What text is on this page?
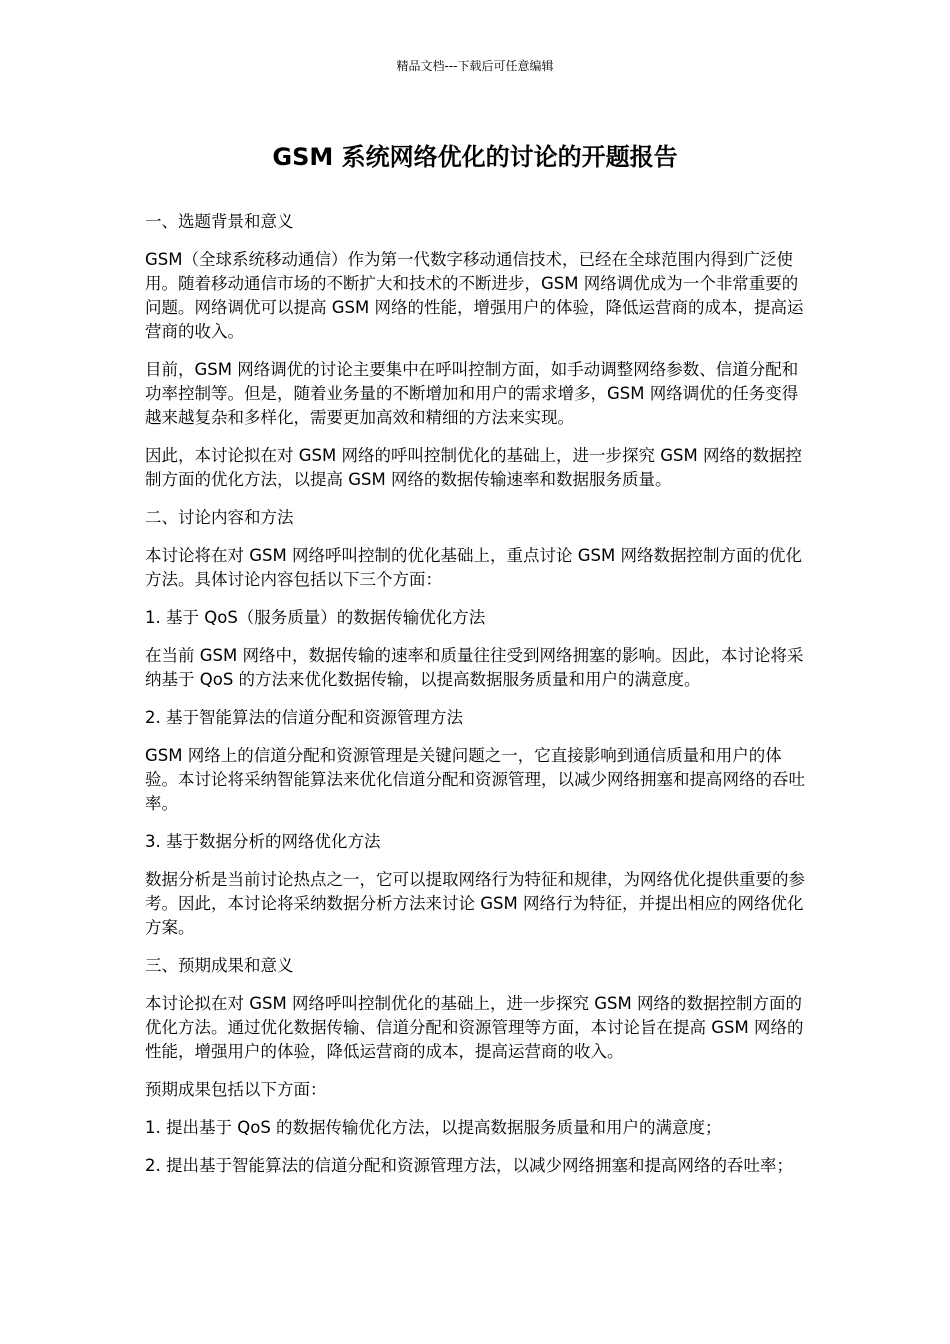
精品文档---下载后可任意编辑
GSM 系统网络优化的讨论的开题报告

一、选题背景和意义

GSM（全球系统移动通信）作为第一代数字移动通信技术，已经在全球范围内得到广泛使用。随着移动通信市场的不断扩大和技术的不断进步，GSM 网络调优成为一个非常重要的问题。网络调优可以提高 GSM 网络的性能，增强用户的体验，降低运营商的成本，提高运营商的收入。

目前，GSM 网络调优的讨论主要集中在呼叫控制方面，如手动调整网络参数、信道分配和功率控制等。但是，随着业务量的不断增加和用户的需求增多，GSM 网络调优的任务变得越来越复杂和多样化，需要更加高效和精细的方法来实现。

因此，本讨论拟在对 GSM 网络的呼叫控制优化的基础上，进一步探究 GSM 网络的数据控制方面的优化方法，以提高 GSM 网络的数据传输速率和数据服务质量。

二、讨论内容和方法

本讨论将在对 GSM 网络呼叫控制的优化基础上，重点讨论 GSM 网络数据控制方面的优化方法。具体讨论内容包括以下三个方面：

1. 基于 QoS（服务质量）的数据传输优化方法

在当前 GSM 网络中，数据传输的速率和质量往往受到网络拥塞的影响。因此，本讨论将采纳基于 QoS 的方法来优化数据传输，以提高数据服务质量和用户的满意度。

2. 基于智能算法的信道分配和资源管理方法

GSM 网络上的信道分配和资源管理是关键问题之一，它直接影响到通信质量和用户的体验。本讨论将采纳智能算法来优化信道分配和资源管理，以减少网络拥塞和提高网络的吞吐率。

3. 基于数据分析的网络优化方法

数据分析是当前讨论热点之一，它可以提取网络行为特征和规律，为网络优化提供重要的参考。因此，本讨论将采纳数据分析方法来讨论 GSM 网络行为特征，并提出相应的网络优化方案。

三、预期成果和意义

本讨论拟在对 GSM 网络呼叫控制优化的基础上，进一步探究 GSM 网络的数据控制方面的优化方法。通过优化数据传输、信道分配和资源管理等方面，本讨论旨在提高 GSM 网络的性能，增强用户的体验，降低运营商的成本，提高运营商的收入。

预期成果包括以下方面：

1. 提出基于 QoS 的数据传输优化方法，以提高数据服务质量和用户的满意度；

2. 提出基于智能算法的信道分配和资源管理方法，以减少网络拥塞和提高网络的吞吐率；
